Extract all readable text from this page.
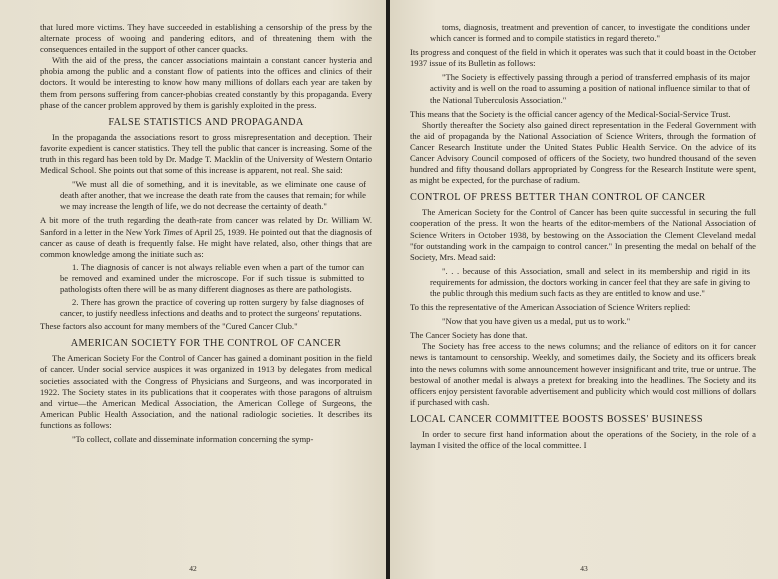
that lured more victims. They have succeeded in establishing a censorship of the press by the alternate process of wooing and pandering editors, and of threatening them with the consequences entailed in the support of other cancer quacks.

With the aid of the press, the cancer associations maintain a constant cancer hysteria and phobia among the public and a constant flow of patients into the offices and clinics of their doctors. It would be interesting to know how many millions of dollars each year are taken by them from persons suffering from cancer-phobias created constantly by this propaganda. Every phase of the cancer problem approved by them is garishly exploited in the press.

FALSE STATISTICS AND PROPAGANDA

In the propaganda the associations resort to gross misrepresentation and deception. Their favorite expedient is cancer statistics. They tell the public that cancer is increasing. Some of the truth in this regard has been told by Dr. Madge T. Macklin of the University of Western Ontario Medical School. She points out that some of this increase is apparent, not real. She said:

"We must all die of something, and it is inevitable, as we eliminate one cause of death after another, that we increase the death rate from the causes that remain; for while we may increase the length of life, we do not decrease the certainty of death."

A bit more of the truth regarding the death-rate from cancer was related by Dr. William W. Sanford in a letter in the New York Times of April 25, 1939. He pointed out that the diagnosis of cancer as cause of death is frequently false. He might have related, also, other things that are common knowledge among the initiate such as:

1. The diagnosis of cancer is not always reliable even when a part of the tumor can be removed and examined under the microscope. For if such tissue is submitted to pathologists often there will be as many different diagnoses as there are pathologists.

2. There has grown the practice of covering up rotten surgery by false diagnoses of cancer, to justify needless infections and deaths and to protect the surgeons' reputations.

These factors also account for many members of the "Cured Cancer Club."

AMERICAN SOCIETY FOR THE CONTROL OF CANCER

The American Society For the Control of Cancer has gained a dominant position in the field of cancer. Under social service auspices it was organized in 1913 by delegates from medical societies associated with the Congress of Physicians and Surgeons, and was incorporated in 1922. The Society states in its publications that it cooperates with those paragons of altruism and virtue—the American Medical Association, the American College of Surgeons, the American Public Health Association, and the national radiologic societies. It describes its functions as follows:

"To collect, collate and disseminate information concerning the symp-

42

toms, diagnosis, treatment and prevention of cancer, to investigate the conditions under which cancer is formed and to compile statistics in regard thereto."

Its progress and conquest of the field in which it operates was such that it could boast in the October 1937 issue of its Bulletin as follows:

"The Society is effectively passing through a period of transferred emphasis of its major activity and is well on the road to assuming a position of national influence similar to that of the National Tuberculosis Association."

This means that the Society is the official cancer agency of the Medical-Social-Service Trust.

Shortly thereafter the Society also gained direct representation in the Federal Government with the aid of propaganda by the National Association of Science Writers, through the formation of Cancer Research Institute under the United States Public Health Service. On the advice of its Cancer Advisory Council composed of officers of the Society, two hundred thousand of the seven hundred and fifty thousand dollars appropriated by Congress for the Research Institute were spent, as might be expected, for the purchase of radium.

CONTROL OF PRESS BETTER THAN CONTROL OF CANCER

The American Society for the Control of Cancer has been quite successful in securing the full cooperation of the press. It won the hearts of the editor-members of the National Association of Science Writers in October 1938, by bestowing on the Association the Clement Cleveland medal "for outstanding work in the campaign to control cancer." In presenting the medal on behalf of the Society, Mrs. Mead said:

". . . because of this Association, small and select in its membership and rigid in its requirements for admission, the doctors working in cancer feel that they are safe in giving to the public through this medium such facts as they are entitled to know and use."

To this the representative of the American Association of Science Writers replied:

"Now that you have given us a medal, put us to work."

The Cancer Society has done that.

The Society has free access to the news columns; and the reliance of editors on it for cancer news is tantamount to censorship. Weekly, and sometimes daily, the Society and its officers break into the news columns with some announcement however insignificant and trite, true or untrue. The bestowal of another medal is always a pretext for breaking into the headlines. The Society and its officers enjoy persistent favorable advertisement and publicity which would cost millions of dollars if purchased with cash.

LOCAL CANCER COMMITTEE BOOSTS BOSSES' BUSINESS

In order to secure first hand information about the operations of the Society, in the role of a layman I visited the office of the local committee. I

43
